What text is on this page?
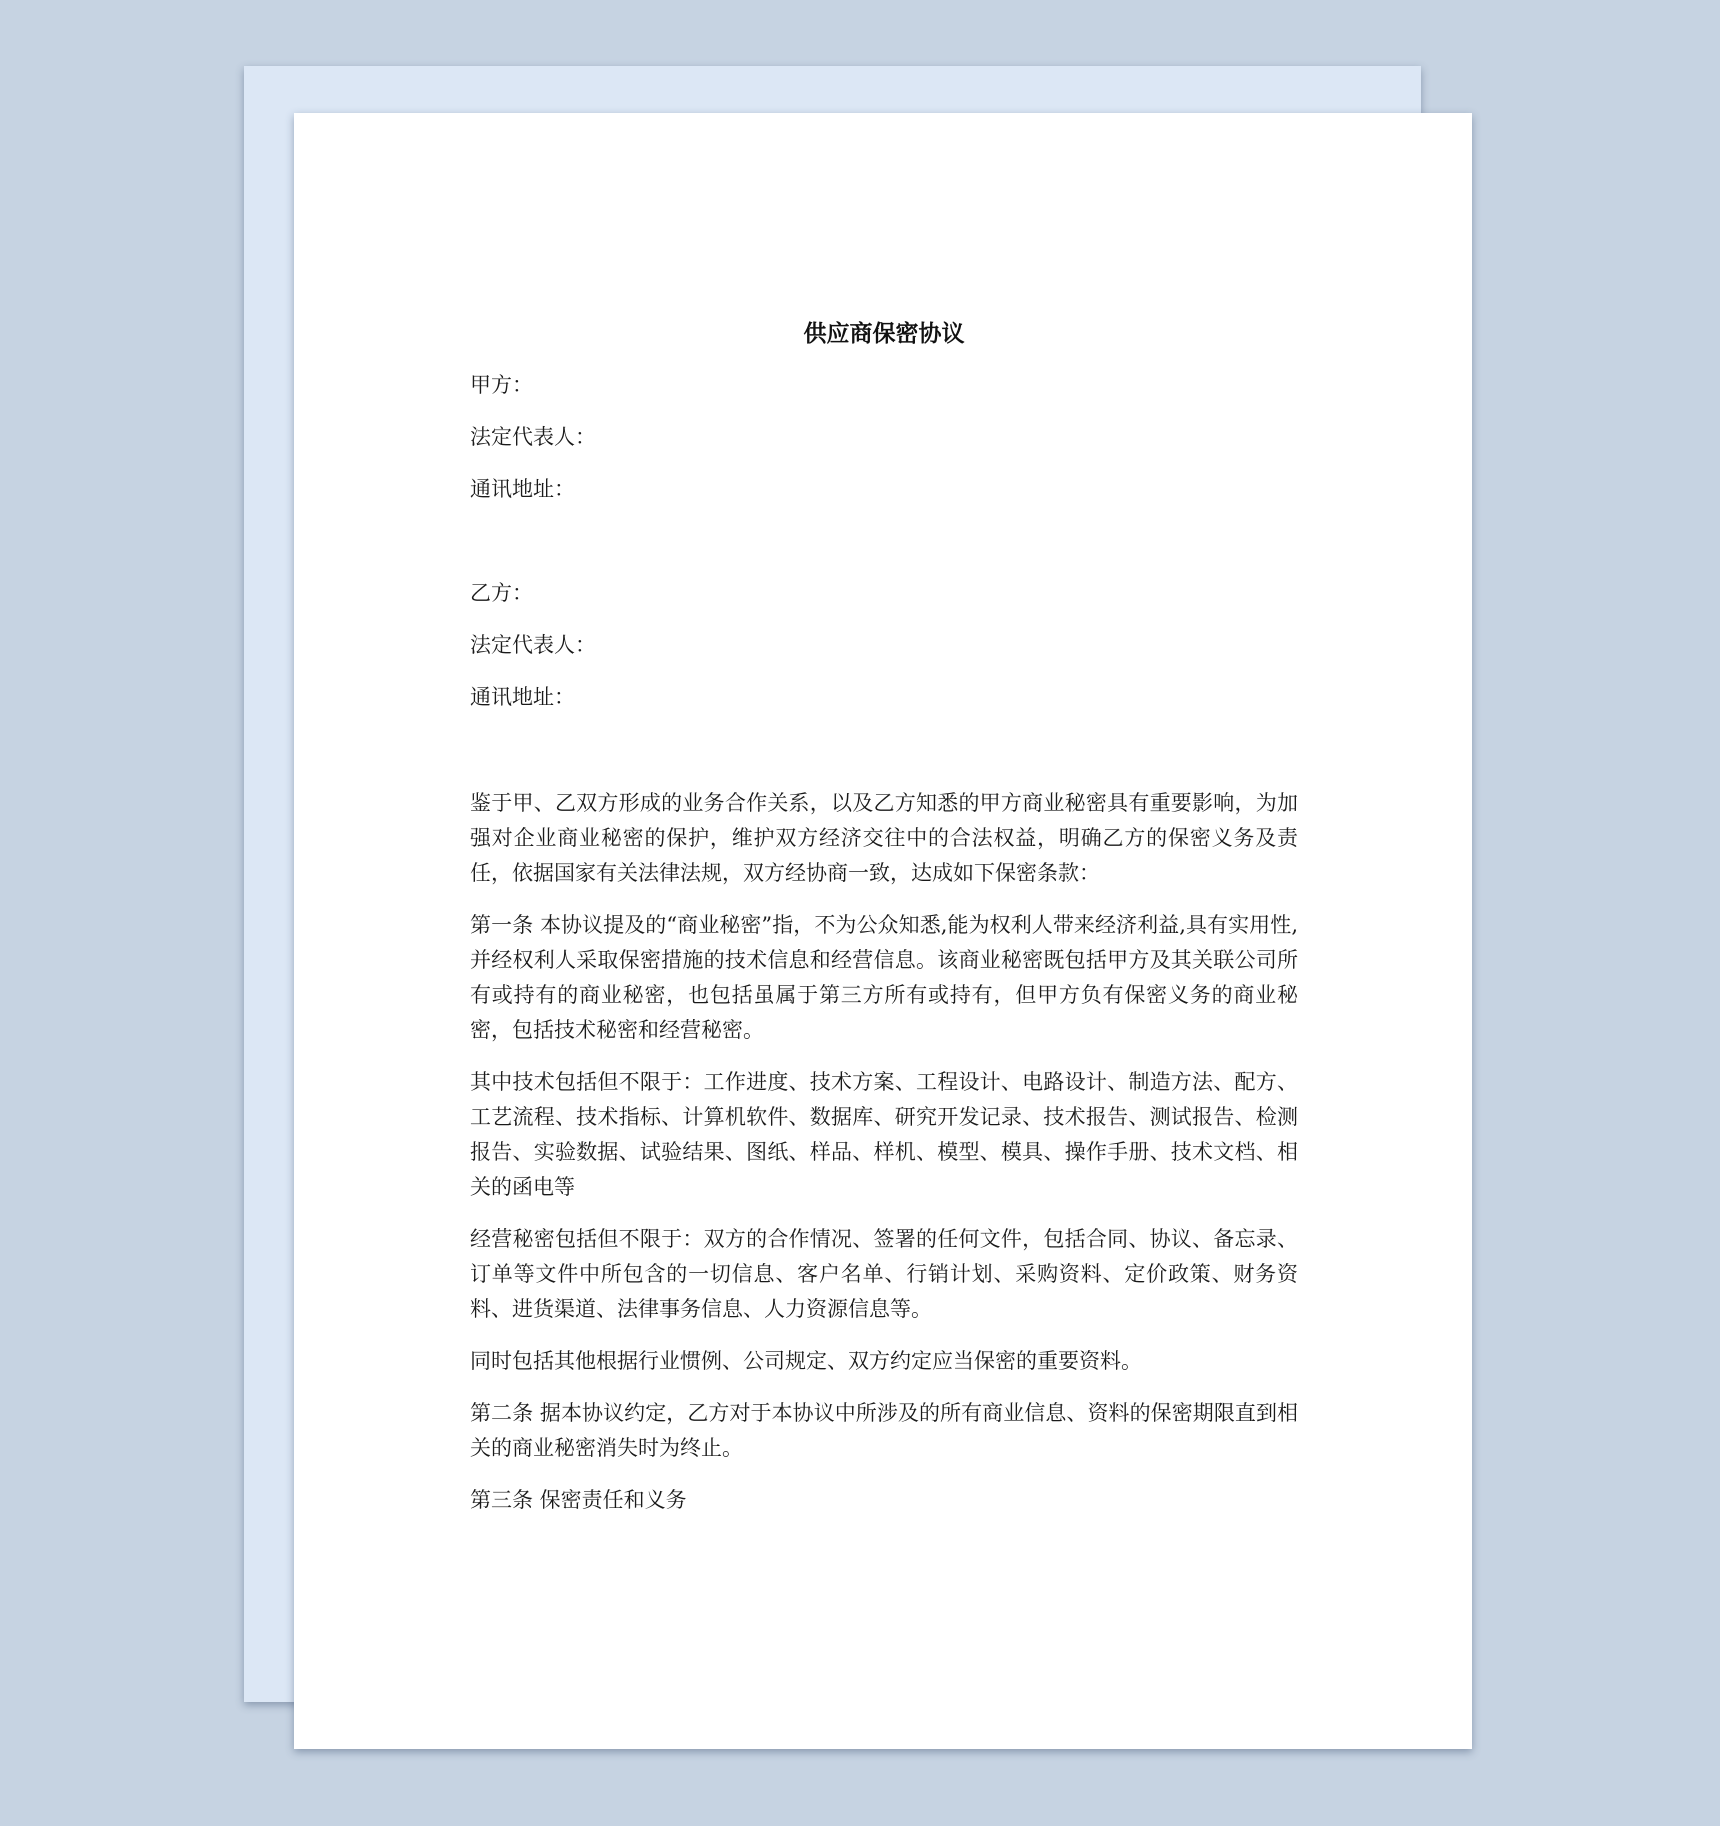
供应商保密协议
甲方：
法定代表人：
通讯地址：
乙方：
法定代表人：
通讯地址：
鉴于甲、乙双方形成的业务合作关系，以及乙方知悉的甲方商业秘密具有重要影响，为加强对企业商业秘密的保护，维护双方经济交往中的合法权益，明确乙方的保密义务及责任，依据国家有关法律法规，双方经协商一致，达成如下保密条款：
第一条 本协议提及的“商业秘密”指，不为公众知悉,能为权利人带来经济利益,具有实用性,并经权利人采取保密措施的技术信息和经营信息。该商业秘密既包括甲方及其关联公司所有或持有的商业秘密，也包括虽属于第三方所有或持有，但甲方负有保密义务的商业秘密，包括技术秘密和经营秘密。
其中技术包括但不限于：工作进度、技术方案、工程设计、电路设计、制造方法、配方、工艺流程、技术指标、计算机软件、数据库、研究开发记录、技术报告、测试报告、检测报告、实验数据、试验结果、图纸、样品、样机、模型、模具、操作手册、技术文档、相关的函电等
经营秘密包括但不限于：双方的合作情况、签署的任何文件，包括合同、协议、备忘录、订单等文件中所包含的一切信息、客户名单、行销计划、采购资料、定价政策、财务资料、进货渠道、法律事务信息、人力资源信息等。
同时包括其他根据行业惯例、公司规定、双方约定应当保密的重要资料。
第二条 据本协议约定，乙方对于本协议中所涉及的所有商业信息、资料的保密期限直到相关的商业秘密消失时为终止。
第三条 保密责任和义务
